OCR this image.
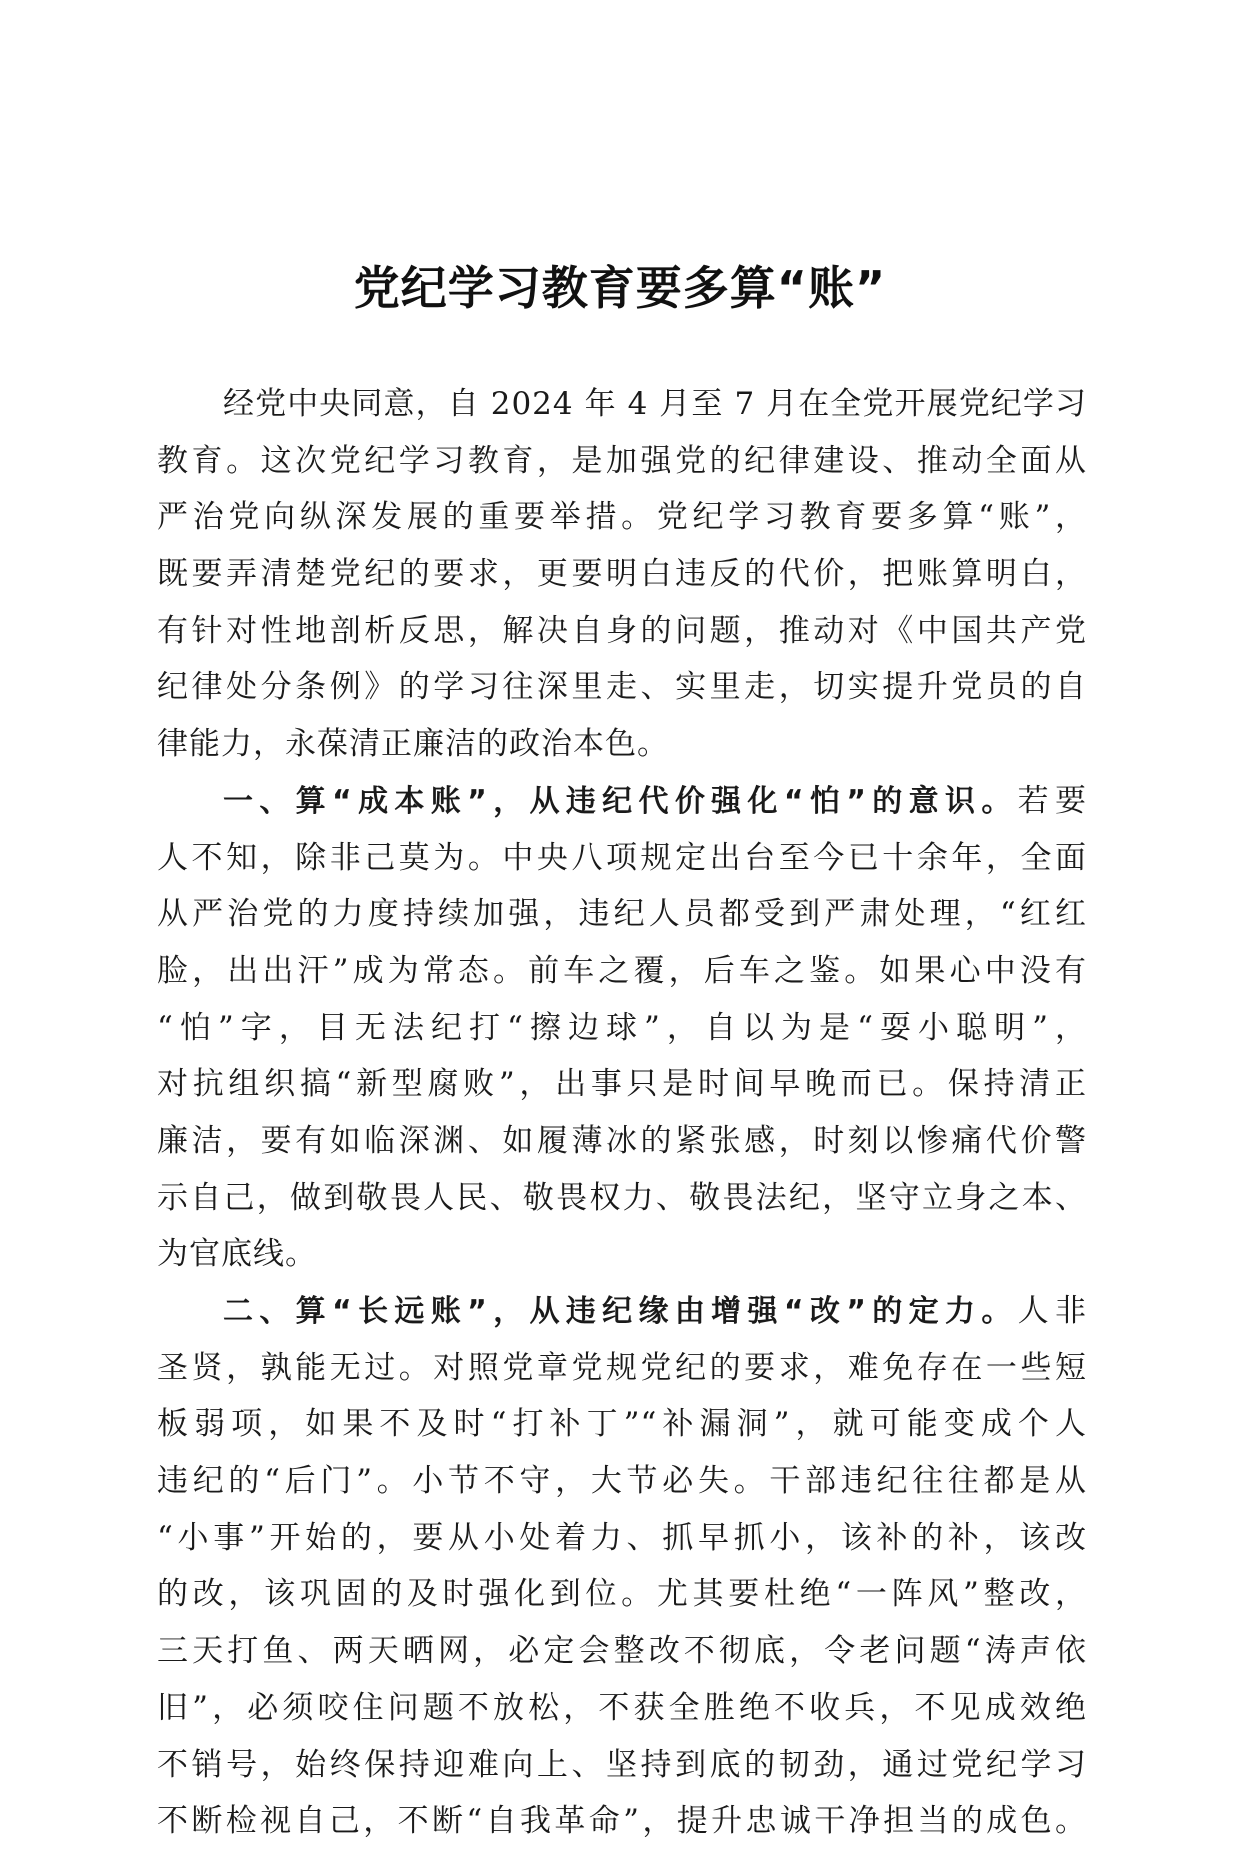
党纪学习教育要多算“账”
经党中央同意，自 2024 年 4 月至 7 月在全党开展党纪学习
教育。这次党纪学习教育，是加强党的纪律建设、推动全面从
严治党向纵深发展的重要举措。党纪学习教育要多算“账”，
既要弄清楚党纪的要求，更要明白违反的代价，把账算明白，
有针对性地剖析反思，解决自身的问题，推动对《中国共产党
纪律处分条例》的学习往深里走、实里走，切实提升党员的自
律能力，永葆清正廉洁的政治本色。
一、算“成本账”，从违纪代价强化“怕”的意识。若要
人不知，除非己莫为。中央八项规定出台至今已十余年，全面
从严治党的力度持续加强，违纪人员都受到严肃处理，“红红
脸，出出汗”成为常态。前车之覆，后车之鉴。如果心中没有
“怕”字，目无法纪打“擦边球”，自以为是“耍小聪明”，
对抗组织搞“新型腐败”，出事只是时间早晚而已。保持清正
廉洁，要有如临深渊、如履薄冰的紧张感，时刻以惨痛代价警
示自己，做到敬畏人民、敬畏权力、敬畏法纪，坚守立身之本、
为官底线。
二、算“长远账”，从违纪缘由增强“改”的定力。人非
圣贤，孰能无过。对照党章党规党纪的要求，难免存在一些短
板弱项，如果不及时“打补丁”“补漏洞”，就可能变成个人
违纪的“后门”。小节不守，大节必失。干部违纪往往都是从
“小事”开始的，要从小处着力、抓早抓小，该补的补，该改
的改，该巩固的及时强化到位。尤其要杜绝“一阵风”整改，
三天打鱼、两天晒网，必定会整改不彻底，令老问题“涛声依
旧”，必须咬住问题不放松，不获全胜绝不收兵，不见成效绝
不销号，始终保持迎难向上、坚持到底的韧劲，通过党纪学习
不断检视自己，不断“自我革命”，提升忠诚干净担当的成色。
